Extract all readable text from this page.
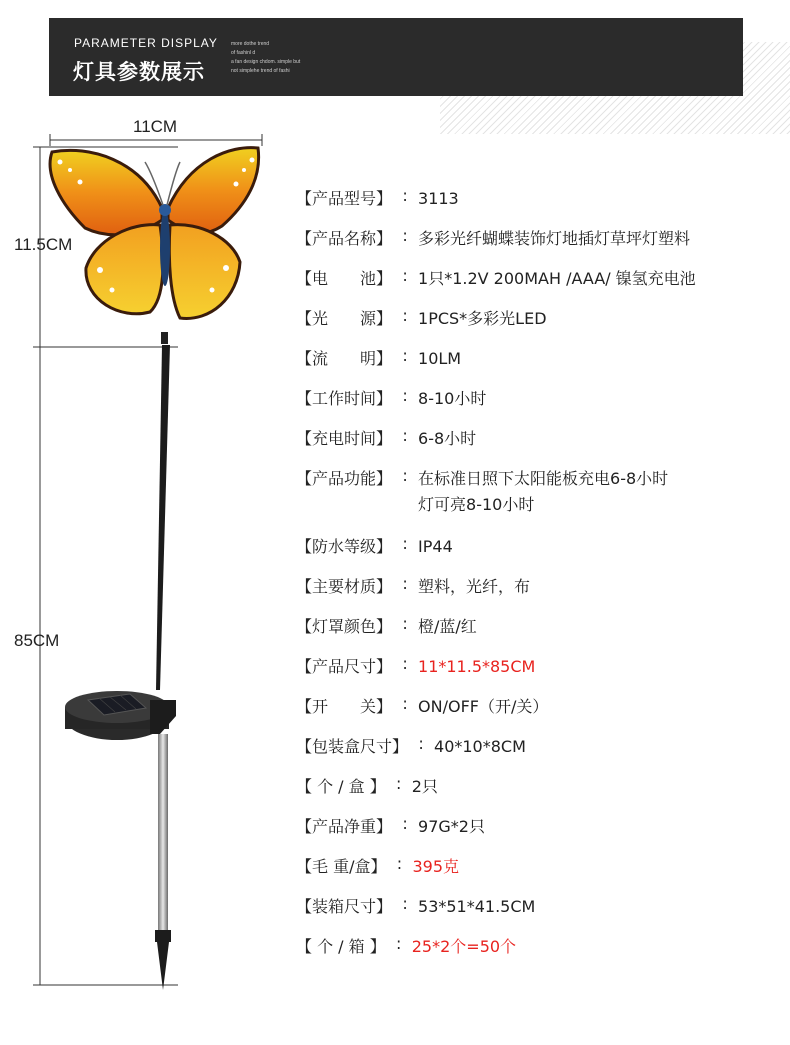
PARAMETER DISPLAY
灯具参数展示
more dothe trend
of fashinl d
a fan design chdom. simple but
not simplehe trend of fashi
11CM
11.5CM
85CM
【产品型号】 : 3113
【产品名称】 : 多彩光纤蝴蝶装饰灯地插灯草坪灯塑料
【电　　池】 : 1只*1.2V 200MAH /AAA/ 镍氢充电池
【光　　源】 : 1PCS*多彩光LED
【流　　明】 : 10LM
【工作时间】 : 8-10小时
【充电时间】 : 6-8小时
【产品功能】 : 在标准日照下太阳能板充电6-8小时
灯可亮8-10小时
【防水等级】 : IP44
【主要材质】 : 塑料，光纤，布
【灯罩颜色】 : 橙/蓝/红
【产品尺寸】 : 11*11.5*85CM
【开　　关】 : ON/OFF（开/关）
【包装盒尺寸】 : 40*10*8CM
【 个 / 盒 】 : 2只
【产品净重】 : 97G*2只
【毛 重/盒】 : 395克
【装箱尺寸】 : 53*51*41.5CM
【 个 / 箱 】 : 25*2个=50个
